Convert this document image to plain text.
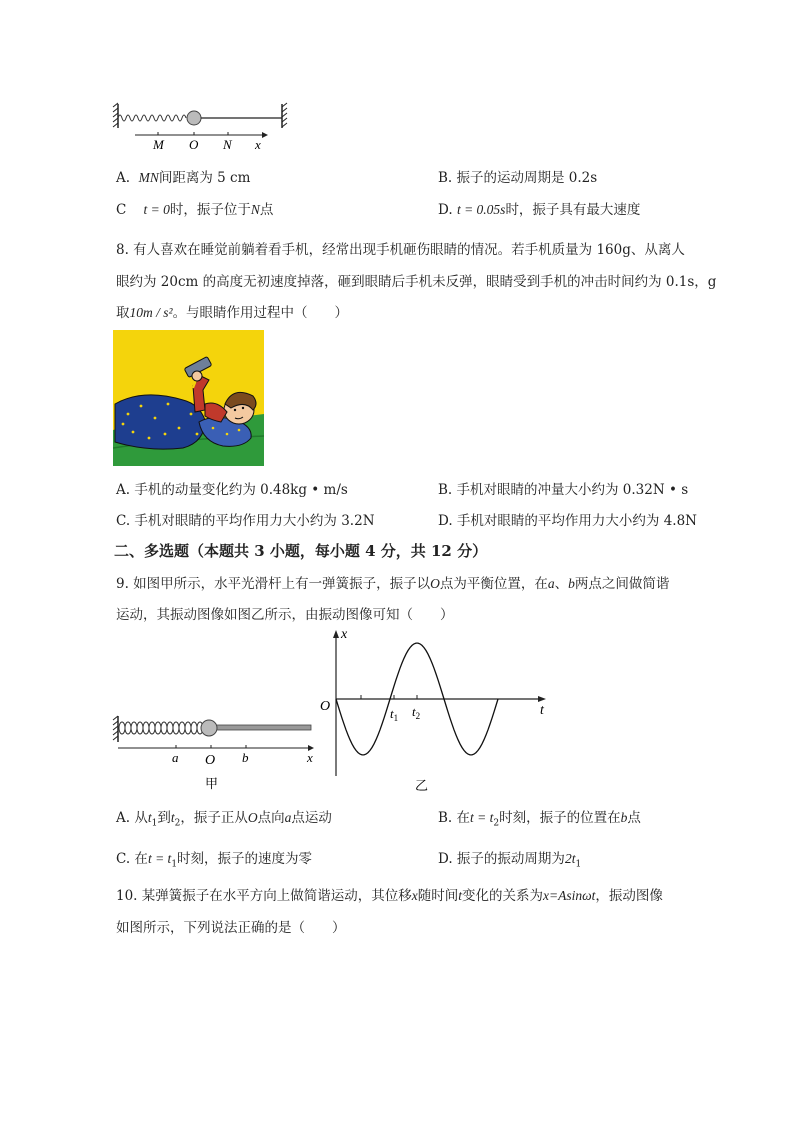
M O N x
A. MN间距离为 5 cm	B. 振子的运动周期是 0.2s
C t = 0时，振子位于N点	D. t = 0.05s时，振子具有最大速度
8. 有人喜欢在睡觉前躺着看手机，经常出现手机砸伤眼睛的情况。若手机质量为 160g、从离人
眼约为 20cm 的高度无初速度掉落，砸到眼睛后手机未反弹，眼睛受到手机的冲击时间约为 0.1s，g
取10m / s²。与眼睛作用过程中（　　）
A. 手机的动量变化约为 0.48kg • m/s	B. 手机对眼睛的冲量大小约为 0.32N • s
C. 手机对眼睛的平均作用力大小约为 3.2N	D. 手机对眼睛的平均作用力大小约为 4.8N
二、多选题（本题共 3 小题，每小题 4 分，共 12 分）
9. 如图甲所示，水平光滑杆上有一弹簧振子，振子以O点为平衡位置，在a、b两点之间做简谐
运动，其振动图像如图乙所示，由振动图像可知（　　）
a O b	x
甲
x
t
O	$t_1$ $t_2$
乙
A. 从$t_1$到$t_2$，振子正从O点向a点运动	B. 在$t = t_2$时刻，振子的位置在b点
C. 在$t = t_1$时刻，振子的速度为零	D. 振子的振动周期为$2t_1$
10. 某弹簧振子在水平方向上做简谐运动，其位移x随时间t变化的关系为x=Asinωt，振动图像
如图所示，下列说法正确的是（　　）
